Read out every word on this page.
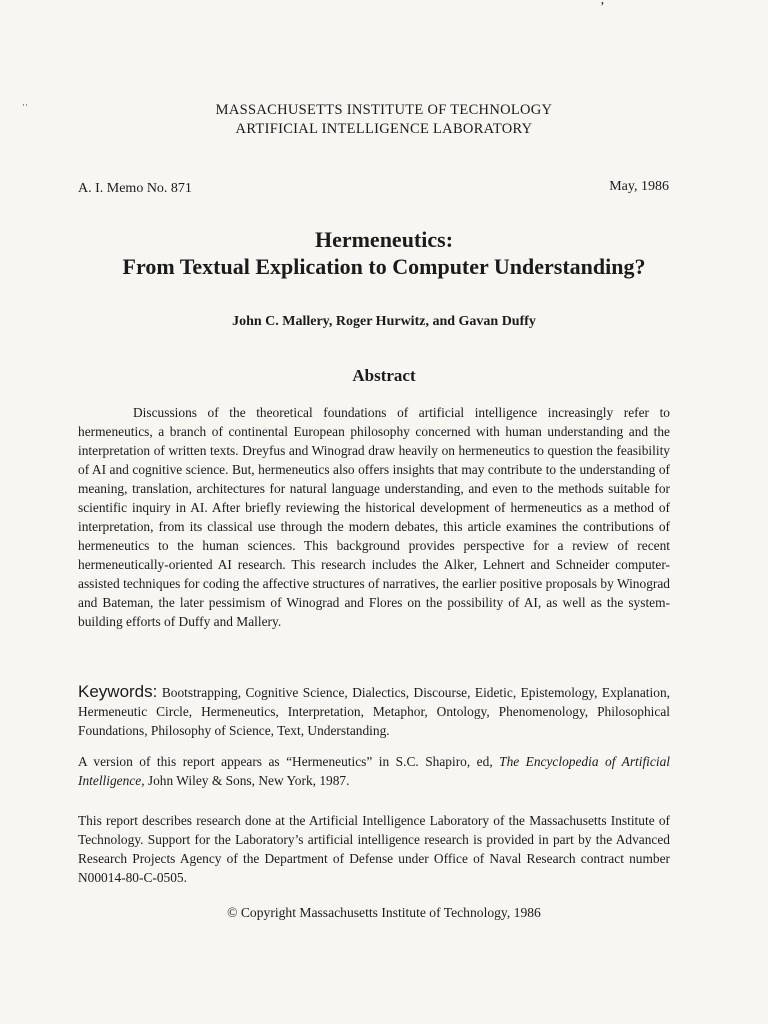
’
··	MASSACHUSETTS INSTITUTE OF TECHNOLOGY
ARTIFICIAL INTELLIGENCE LABORATORY
A. I. Memo No. 871	May, 1986
Hermeneutics:
From Textual Explication to Computer Understanding?
John C. Mallery, Roger Hurwitz, and Gavan Duffy
Abstract
Discussions of the theoretical foundations of artificial intelligence increasingly refer to hermeneutics, a branch of continental European philosophy concerned with human understanding and the interpretation of written texts. Dreyfus and Winograd draw heavily on hermeneutics to question the feasibility of AI and cognitive science. But, hermeneutics also offers insights that may contribute to the understanding of meaning, translation, architectures for natural language understanding, and even to the methods suitable for scientific inquiry in AI. After briefly reviewing the historical development of hermeneutics as a method of interpretation, from its classical use through the modern debates, this article examines the contributions of hermeneutics to the human sciences. This background provides perspective for a review of recent hermeneutically-oriented AI research. This research includes the Alker, Lehnert and Schneider computer-assisted techniques for coding the affective structures of narratives, the earlier positive proposals by Winograd and Bateman, the later pessimism of Winograd and Flores on the possibility of AI, as well as the system-building efforts of Duffy and Mallery.
Keywords: Bootstrapping, Cognitive Science, Dialectics, Discourse, Eidetic, Epistemology, Explanation, Hermeneutic Circle, Hermeneutics, Interpretation, Metaphor, Ontology, Phenomenology, Philosophical Foundations, Philosophy of Science, Text, Understanding.
A version of this report appears as “Hermeneutics” in S.C. Shapiro, ed, The Encyclopedia of Artificial Intelligence, John Wiley & Sons, New York, 1987.
This report describes research done at the Artificial Intelligence Laboratory of the Massachusetts Institute of Technology. Support for the Laboratory’s artificial intelligence research is provided in part by the Advanced Research Projects Agency of the Department of Defense under Office of Naval Research contract number N00014-80-C-0505.
© Copyright Massachusetts Institute of Technology, 1986
